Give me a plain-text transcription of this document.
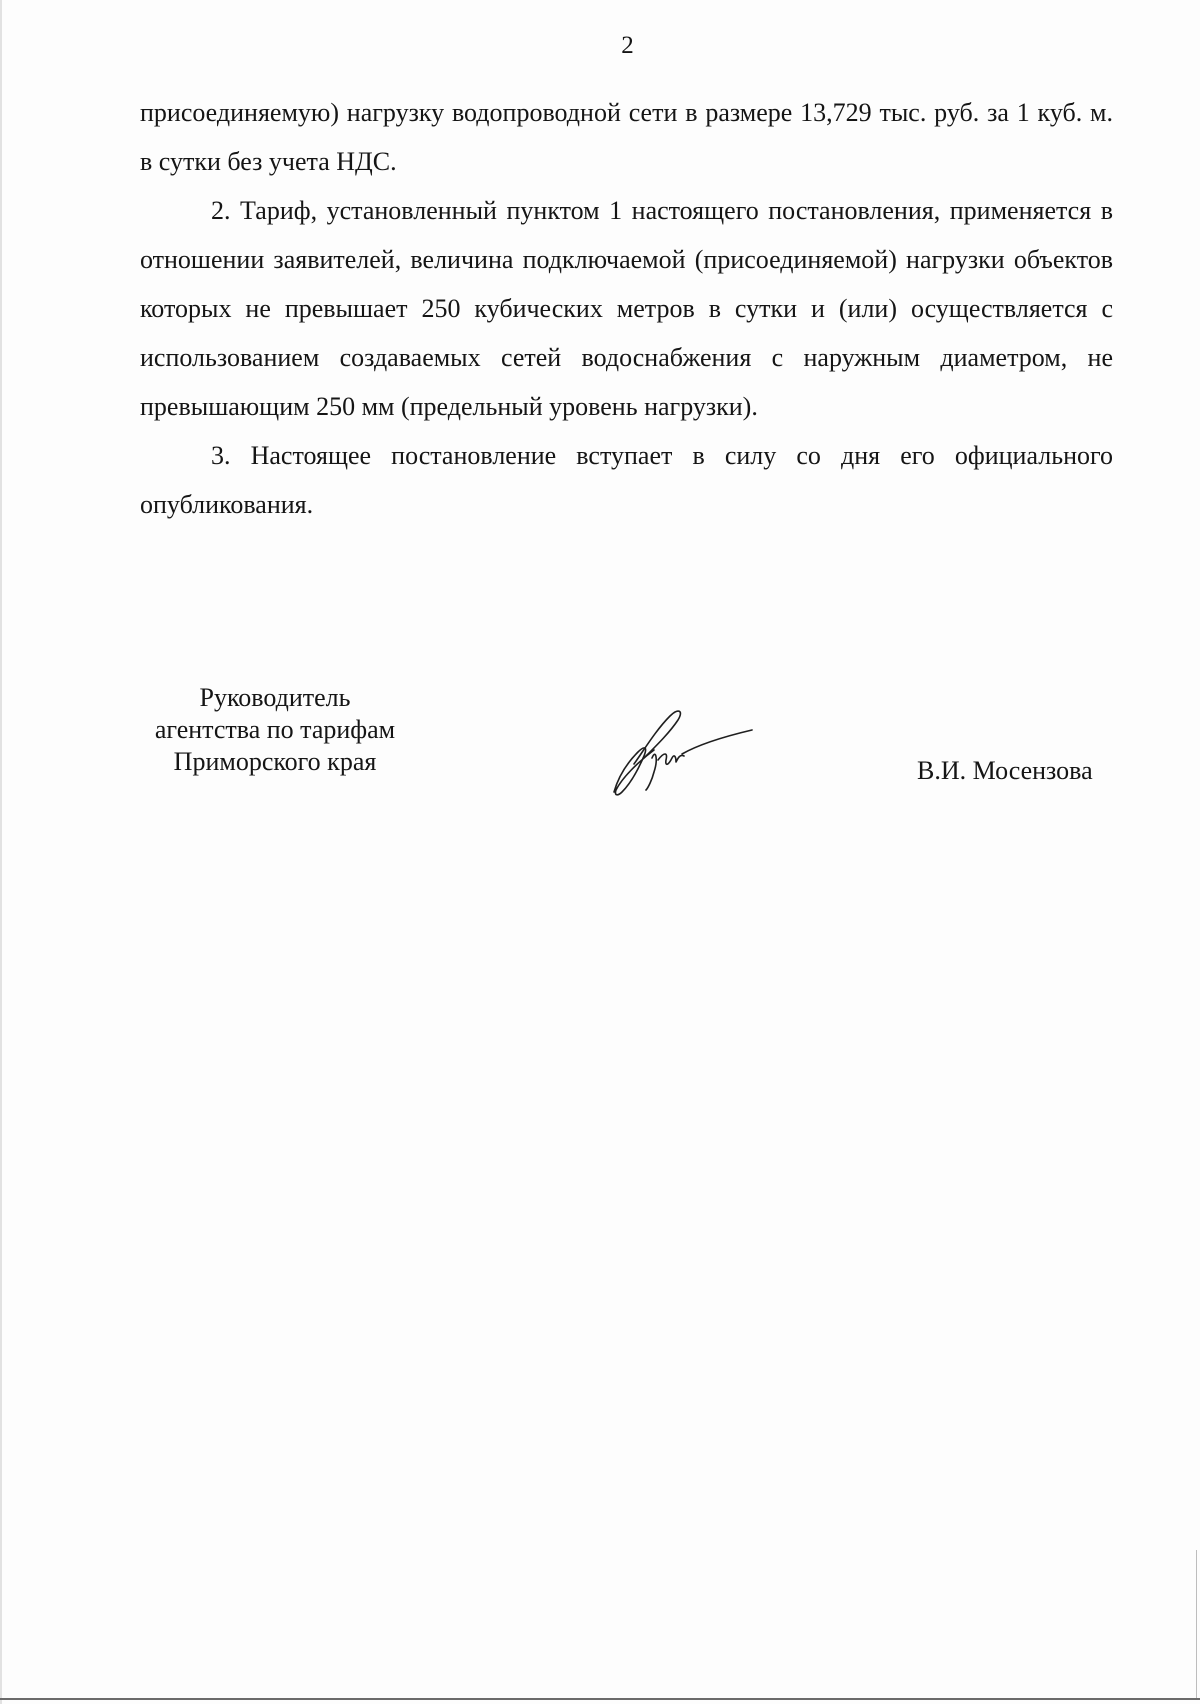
2

присоединяемую) нагрузку водопроводной сети в размере 13,729 тыс. руб. за 1 куб. м. в сутки без учета НДС.

2. Тариф, установленный пунктом 1 настоящего постановления, применяется в отношении заявителей, величина подключаемой (присоединяемой) нагрузки объектов которых не превышает 250 кубических метров в сутки и (или) осуществляется с использованием создаваемых сетей водоснабжения с наружным диаметром, не превышающим 250 мм (предельный уровень нагрузки).

3. Настоящее постановление вступает в силу со дня его официального опубликования.

Руководитель
агентства по тарифам
Приморского края	В.И. Мосензова
